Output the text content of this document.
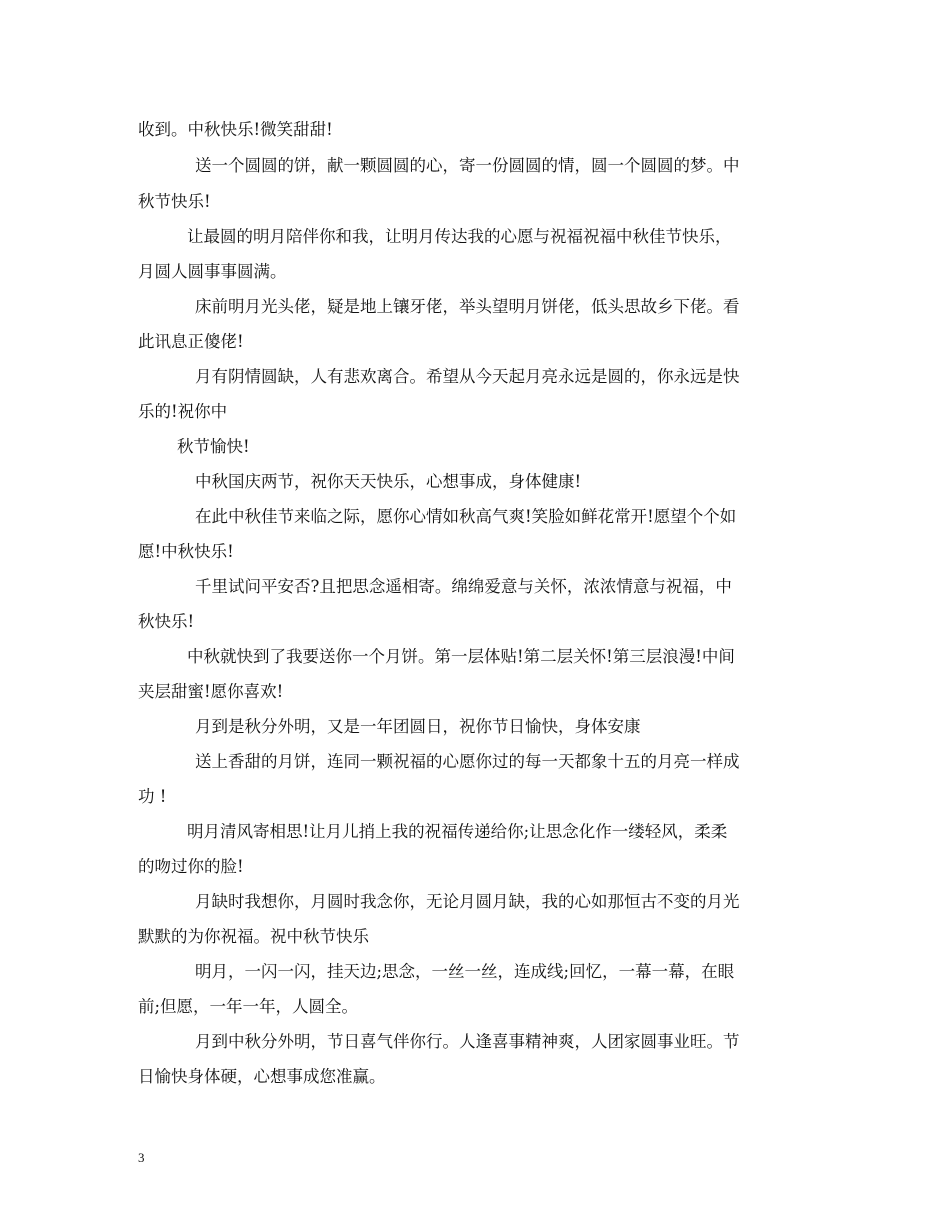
收到。中秋快乐!微笑甜甜!
送一个圆圆的饼，献一颗圆圆的心，寄一份圆圆的情，圆一个圆圆的梦。中
秋节快乐!
让最圆的明月陪伴你和我，让明月传达我的心愿与祝福祝福中秋佳节快乐，
月圆人圆事事圆满。
床前明月光头佬，疑是地上镶牙佬，举头望明月饼佬，低头思故乡下佬。看
此讯息正傻佬!
月有阴情圆缺，人有悲欢离合。希望从今天起月亮永远是圆的，你永远是快
乐的!祝你中
秋节愉快!
中秋国庆两节，祝你天天快乐，心想事成，身体健康!
在此中秋佳节来临之际，愿你心情如秋高气爽!笑脸如鲜花常开!愿望个个如
愿!中秋快乐!
千里试问平安否?且把思念遥相寄。绵绵爱意与关怀，浓浓情意与祝福，中
秋快乐!
中秋就快到了我要送你一个月饼。第一层体贴!第二层关怀!第三层浪漫!中间
夹层甜蜜!愿你喜欢!
月到是秋分外明，又是一年团圆日，祝你节日愉快，身体安康
送上香甜的月饼，连同一颗祝福的心愿你过的每一天都象十五的月亮一样成
功 !
明月清风寄相思!让月儿捎上我的祝福传递给你;让思念化作一缕轻风，柔柔
的吻过你的脸!
月缺时我想你，月圆时我念你，无论月圆月缺，我的心如那恒古不变的月光
默默的为你祝福。祝中秋节快乐
明月，一闪一闪，挂天边;思念，一丝一丝，连成线;回忆，一幕一幕，在眼
前;但愿，一年一年，人圆全。
月到中秋分外明，节日喜气伴你行。人逢喜事精神爽，人团家圆事业旺。节
日愉快身体硬，心想事成您准赢。
3
